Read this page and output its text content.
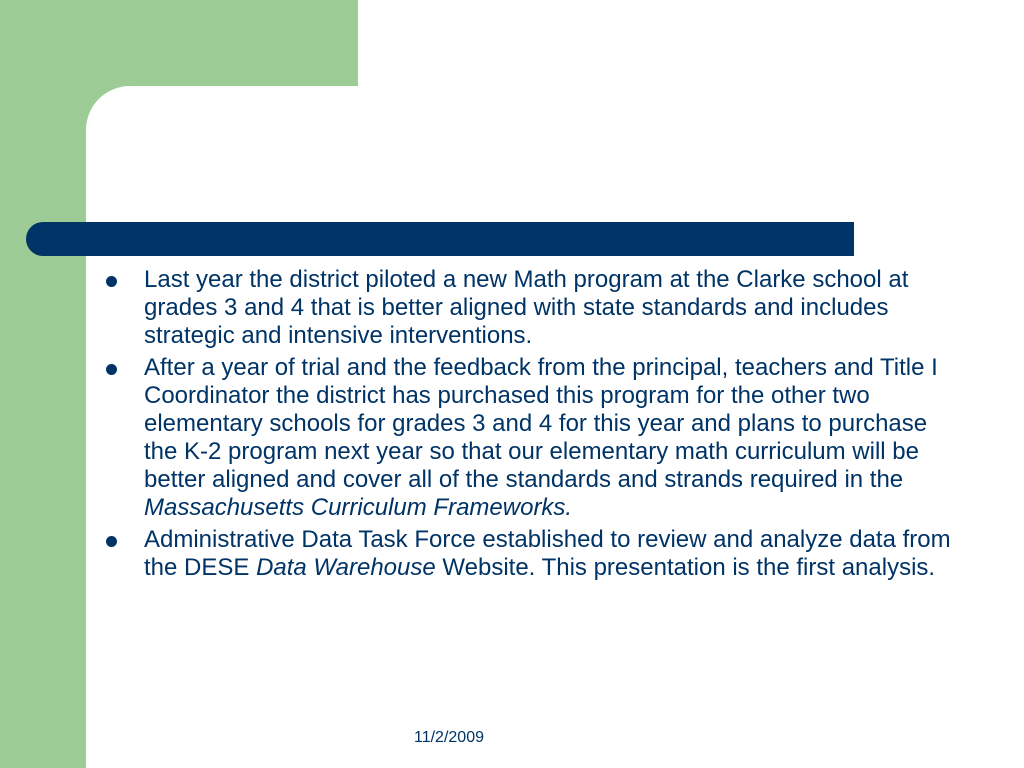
Last year the district piloted a new Math program at the Clarke school at grades 3 and 4 that is better aligned with state standards and includes strategic and intensive interventions.
After a year of trial and the feedback from the principal, teachers and Title I Coordinator the district has purchased this program for the other two elementary schools for grades 3 and 4 for this year and plans to purchase the K-2 program next year so that our elementary math curriculum will be better aligned and cover all of the standards and strands required in the Massachusetts Curriculum Frameworks.
Administrative Data Task Force established to review and analyze data from the DESE Data Warehouse Website. This presentation is the first analysis.
11/2/2009
